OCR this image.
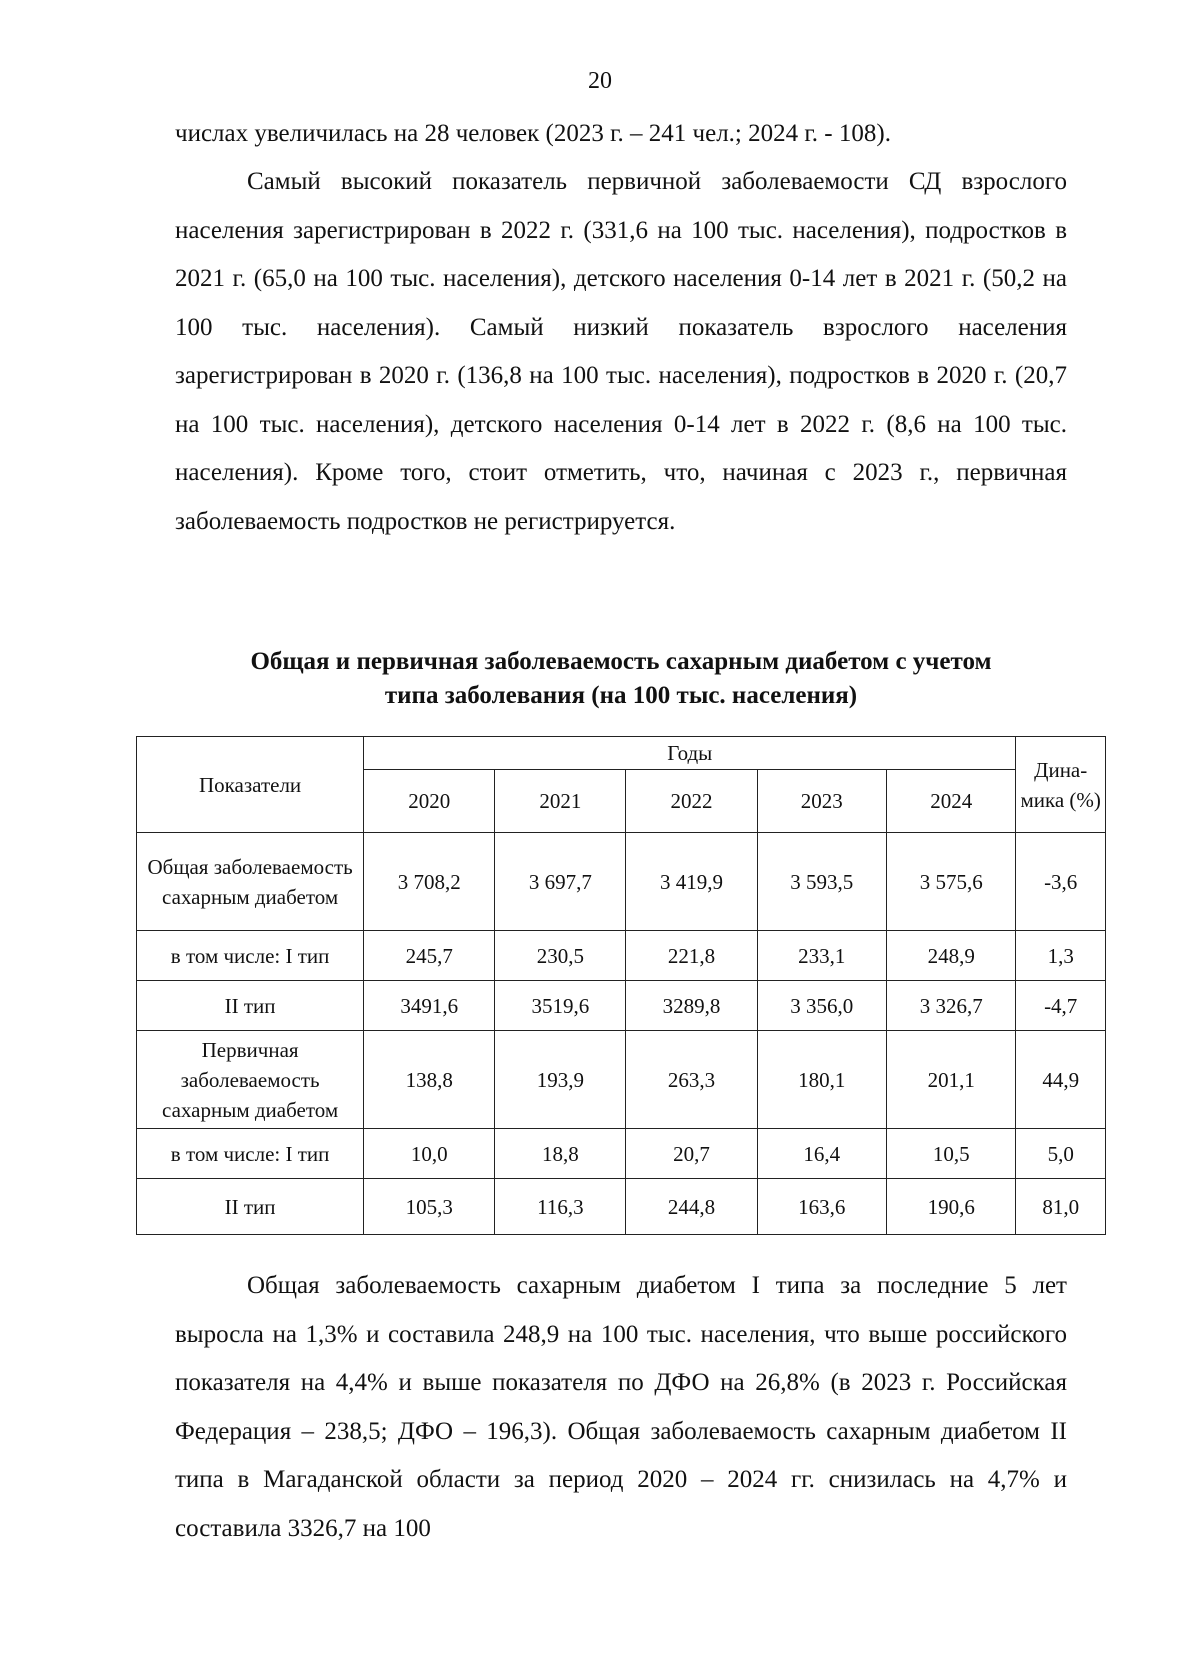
20

числах увеличилась на 28 человек (2023 г. – 241 чел.; 2024 г. - 108).

Самый высокий показатель первичной заболеваемости СД взрослого населения зарегистрирован в 2022 г. (331,6 на 100 тыс. населения), подростков в 2021 г. (65,0 на 100 тыс. населения), детского населения 0-14 лет в 2021 г. (50,2 на 100 тыс. населения). Самый низкий показатель взрослого населения зарегистрирован в 2020 г. (136,8 на 100 тыс. населения), подростков в 2020 г. (20,7 на 100 тыс. населения), детского населения 0-14 лет в 2022 г. (8,6 на 100 тыс. населения). Кроме того, стоит отметить, что, начиная с 2023 г., первичная заболеваемость подростков не регистрируется.

Общая и первичная заболеваемость сахарным диабетом с учетом
типа заболевания (на 100 тыс. населения)
Показатели	Годы					Дина-мика (%)
	2020	2021	2022	2023	2024	
Общая заболеваемость сахарным диабетом	3 708,2	3 697,7	3 419,9	3 593,5	3 575,6	-3,6
в том числе: I тип	245,7	230,5	221,8	233,1	248,9	1,3
II тип	3491,6	3519,6	3289,8	3 356,0	3 326,7	-4,7
Первичная заболеваемость сахарным диабетом	138,8	193,9	263,3	180,1	201,1	44,9
в том числе: I тип	10,0	18,8	20,7	16,4	10,5	5,0
II тип	105,3	116,3	244,8	163,6	190,6	81,0

Общая заболеваемость сахарным диабетом I типа за последние 5 лет выросла на 1,3% и составила 248,9 на 100 тыс. населения, что выше российского показателя на 4,4% и выше показателя по ДФО на 26,8% (в 2023 г. Российская Федерация – 238,5; ДФО – 196,3). Общая заболеваемость сахарным диабетом II типа в Магаданской области за период 2020 – 2024 гг. снизилась на 4,7% и составила 3326,7 на 100
